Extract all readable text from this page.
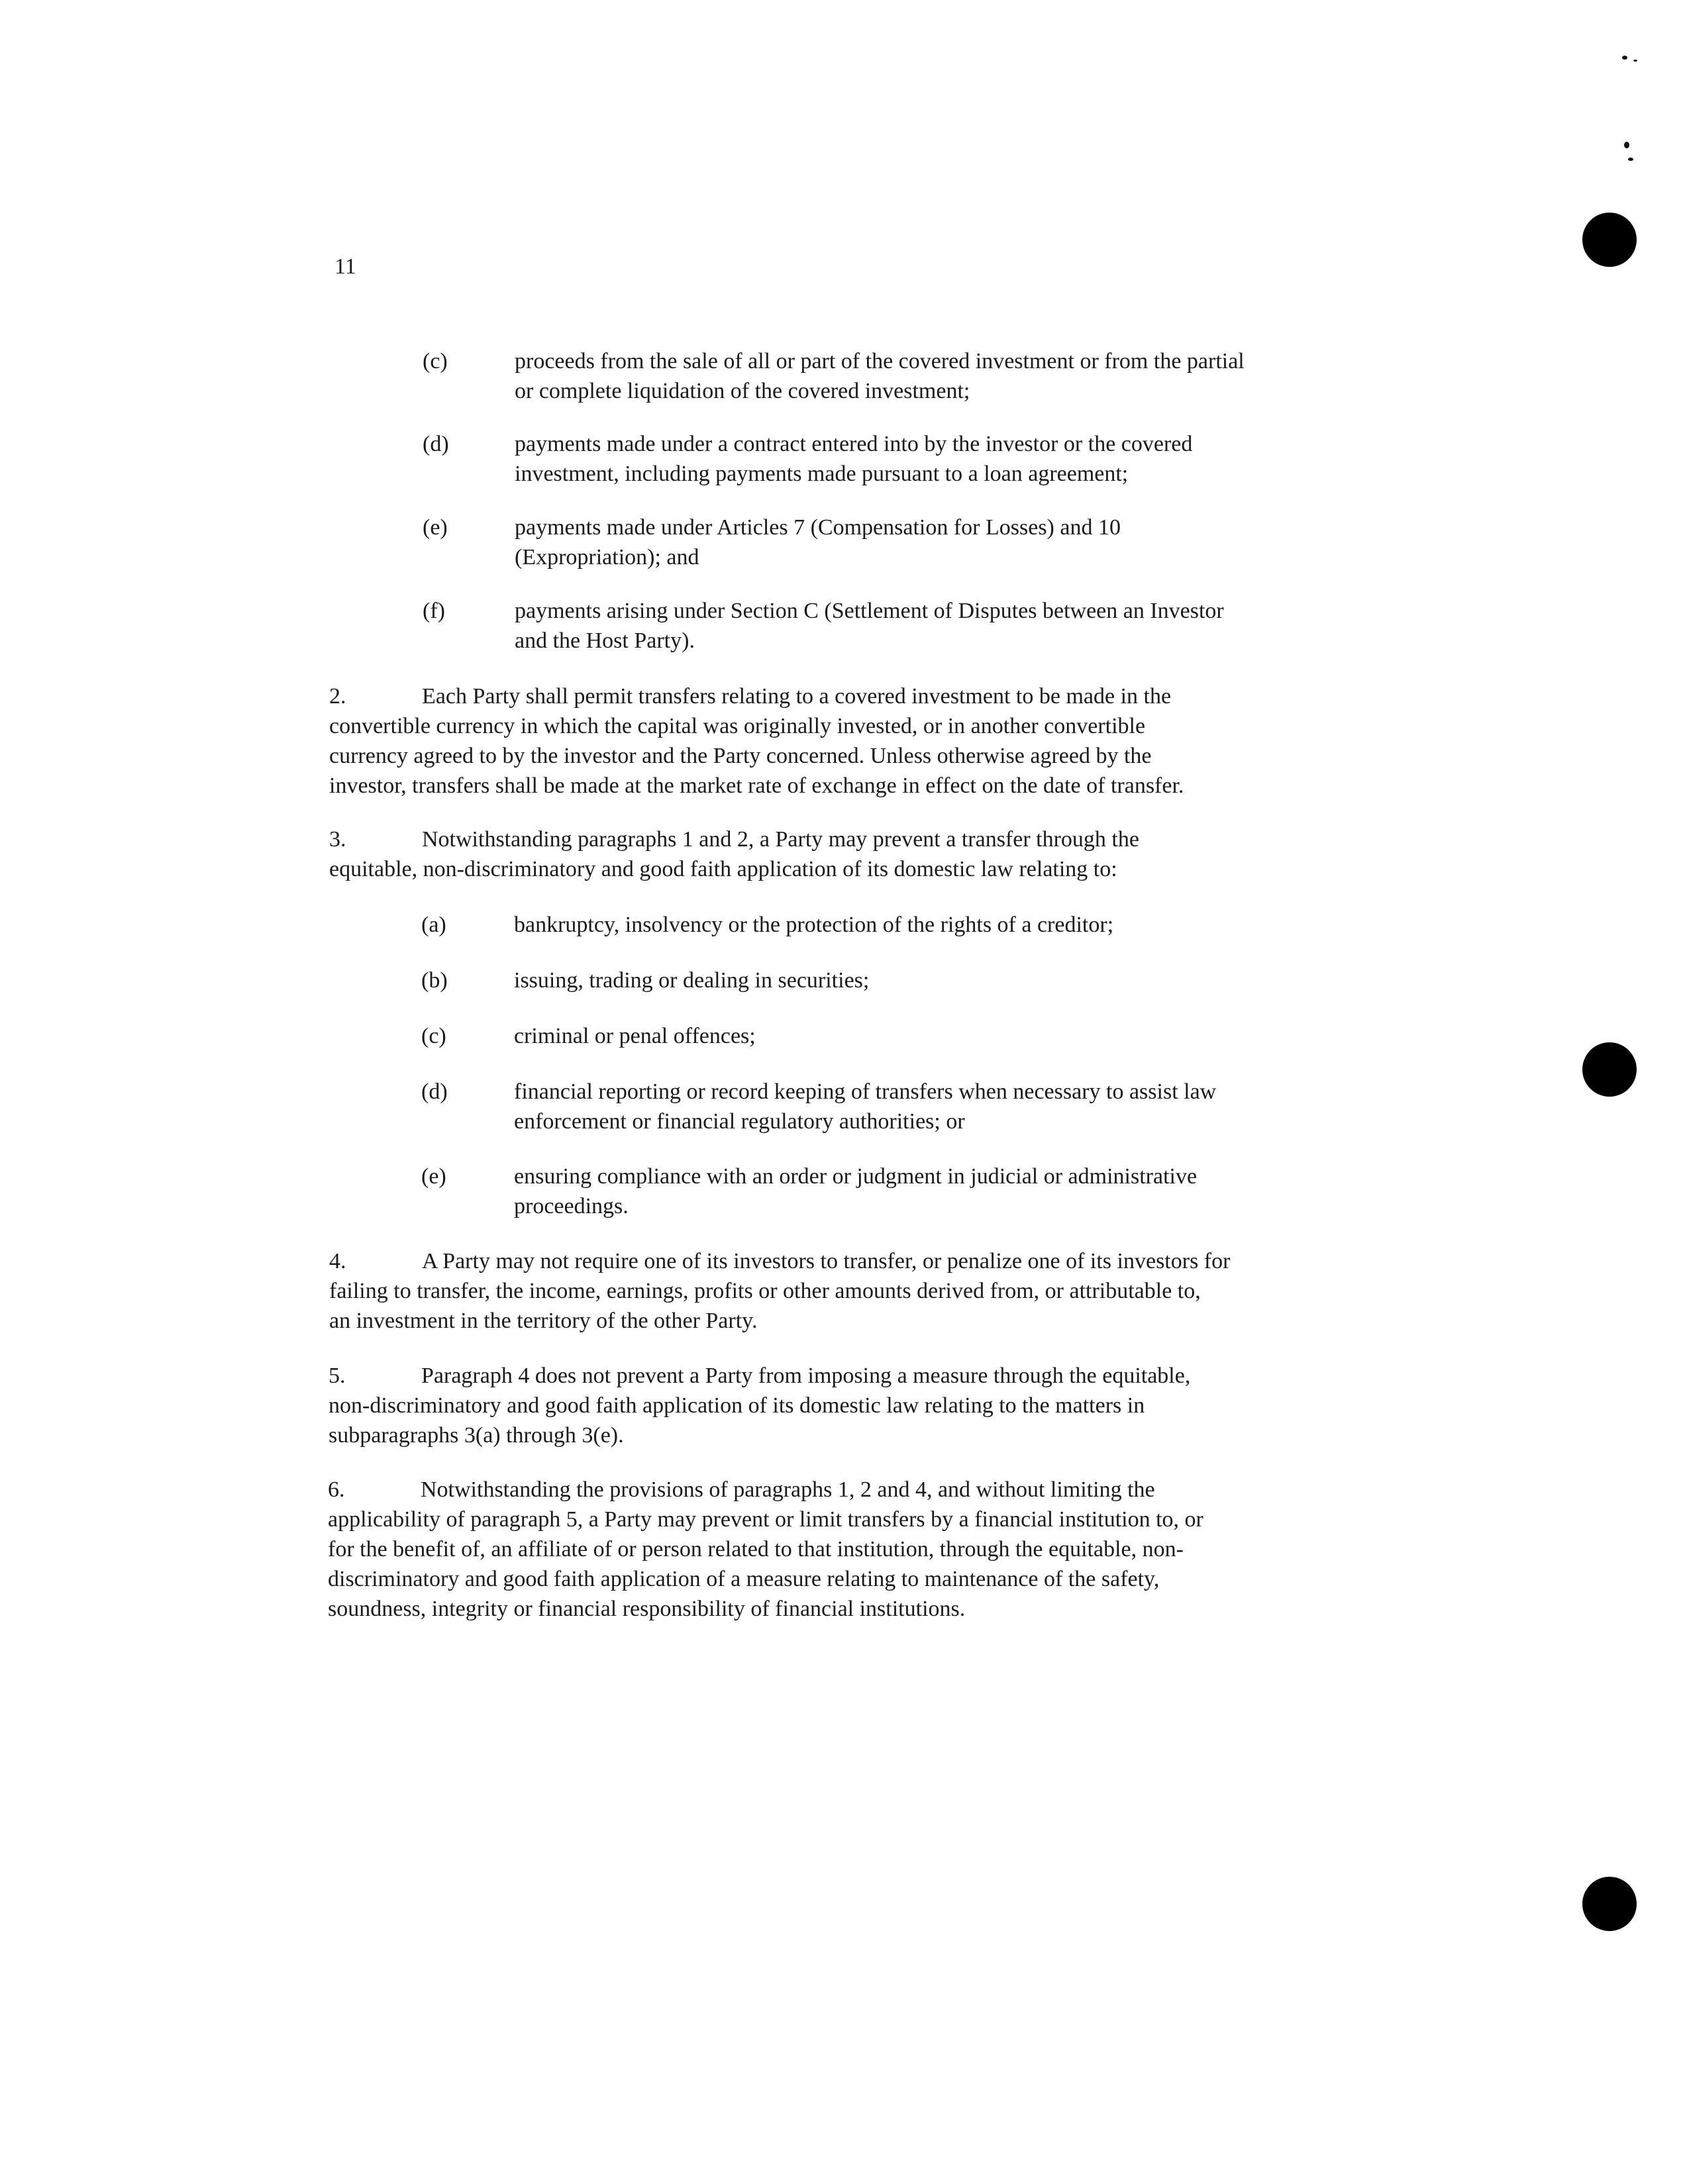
11
(c)	proceeds from the sale of all or part of the covered investment or from the partial
or complete liquidation of the covered investment;
(d)	payments made under a contract entered into by the investor or the covered
investment, including payments made pursuant to a loan agreement;
(e)	payments made under Articles 7 (Compensation for Losses) and 10
(Expropriation); and
(f)	payments arising under Section C (Settlement of Disputes between an Investor
and the Host Party).
2.	Each Party shall permit transfers relating to a covered investment to be made in the
convertible currency in which the capital was originally invested, or in another convertible
currency agreed to by the investor and the Party concerned. Unless otherwise agreed by the
investor, transfers shall be made at the market rate of exchange in effect on the date of transfer.
3.	Notwithstanding paragraphs 1 and 2, a Party may prevent a transfer through the
equitable, non-discriminatory and good faith application of its domestic law relating to:
(a)	bankruptcy, insolvency or the protection of the rights of a creditor;
(b)	issuing, trading or dealing in securities;
(c)	criminal or penal offences;
(d)	financial reporting or record keeping of transfers when necessary to assist law
enforcement or financial regulatory authorities; or
(e)	ensuring compliance with an order or judgment in judicial or administrative
proceedings.
4.	A Party may not require one of its investors to transfer, or penalize one of its investors for
failing to transfer, the income, earnings, profits or other amounts derived from, or attributable to,
an investment in the territory of the other Party.
5.	Paragraph 4 does not prevent a Party from imposing a measure through the equitable,
non-discriminatory and good faith application of its domestic law relating to the matters in
subparagraphs 3(a) through 3(e).
6.	Notwithstanding the provisions of paragraphs 1, 2 and 4, and without limiting the
applicability of paragraph 5, a Party may prevent or limit transfers by a financial institution to, or
for the benefit of, an affiliate of or person related to that institution, through the equitable, non-
discriminatory and good faith application of a measure relating to maintenance of the safety,
soundness, integrity or financial responsibility of financial institutions.
